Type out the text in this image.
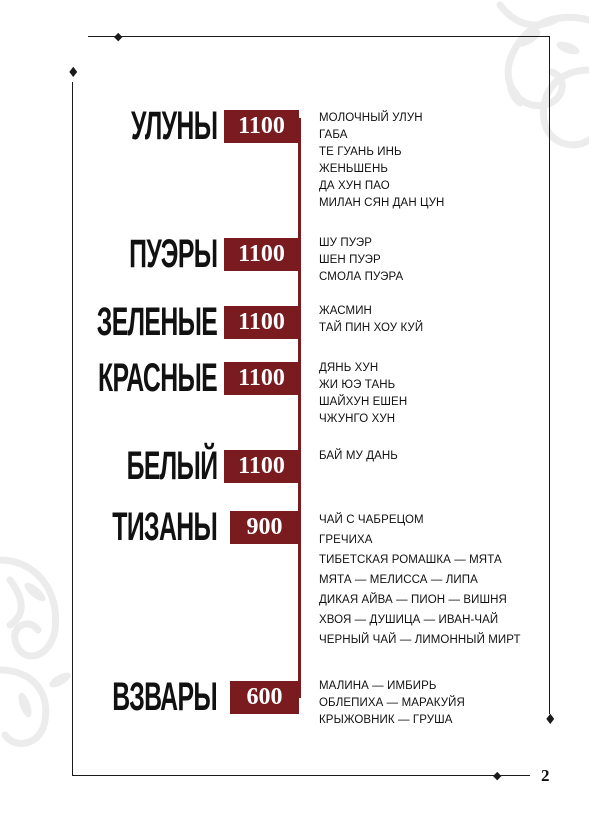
◆
♦
♦
◆
УЛУНЫ 1100	МОЛОЧНЫЙ УЛУН
ГАБА
ТЕ ГУАНЬ ИНЬ
ЖЕНЬШЕНЬ
ДА ХУН ПАО
МИЛАН СЯН ДАН ЦУН
ПУЭРЫ 1100	ШУ ПУЭР
ШЕН ПУЭР
СМОЛА ПУЭРА
ЗЕЛЕНЫЕ 1100	ЖАСМИН
ТАЙ ПИН ХОУ КУЙ
КРАСНЫЕ 1100	ДЯНЬ ХУН
ЖИ ЮЭ ТАНЬ
ШАЙХУН ЕШЕН
ЧЖУНГО ХУН
БЕЛЫЙ 1100	БАЙ МУ ДАНЬ
ТИЗАНЫ	900	ЧАЙ С ЧАБРЕЦОМ
ГРЕЧИХА
ТИБЕТСКАЯ РОМАШКА — МЯТА
МЯТА — МЕЛИССА — ЛИПА
ДИКАЯ АЙВА — ПИОН — ВИШНЯ
ХВОЯ — ДУШИЦА — ИВАН-ЧАЙ
ЧЕРНЫЙ ЧАЙ — ЛИМОННЫЙ МИРТ
ВЗВАРЫ	600	МАЛИНА — ИМБИРЬ
ОБЛЕПИХА — МАРАКУЙЯ
КРЫЖОВНИК — ГРУША
2
